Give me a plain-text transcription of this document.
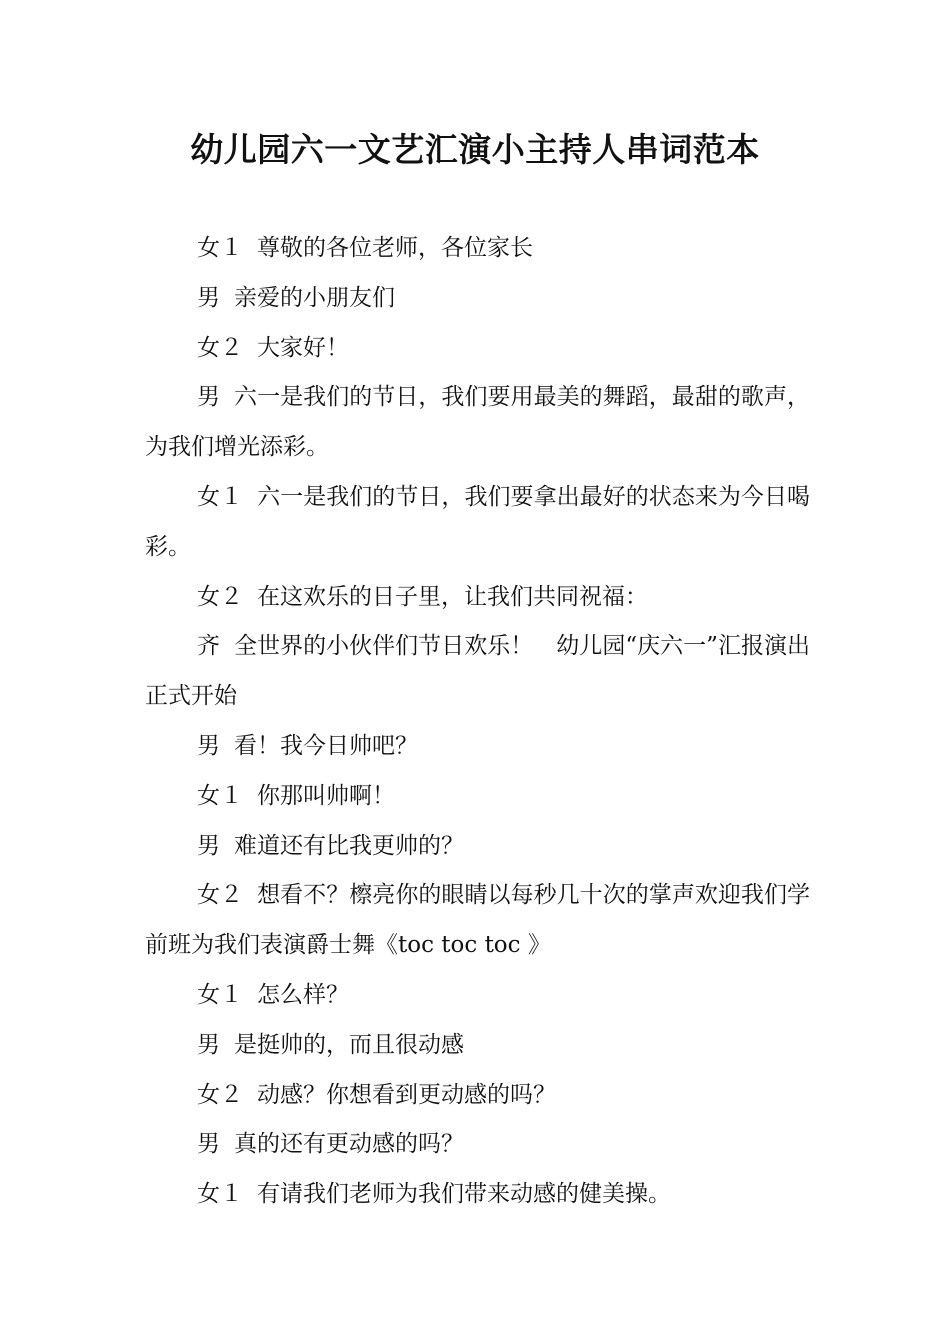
幼儿园六一文艺汇演小主持人串词范本

女１ 尊敬的各位老师，各位家长

男 亲爱的小朋友们

女２ 大家好！

男 六一是我们的节日，我们要用最美的舞蹈，最甜的歌声，为我们增光添彩。

女１ 六一是我们的节日，我们要拿出最好的状态来为今日喝彩。

女２ 在这欢乐的日子里，让我们共同祝福：

齐 全世界的小伙伴们节日欢乐！　幼儿园“庆六一”汇报演出 正式开始

男 看！我今日帅吧？

女１ 你那叫帅啊！

男 难道还有比我更帅的？

女２ 想看不？檫亮你的眼睛以每秒几十次的掌声欢迎我们学前班为我们表演爵士舞《toc toc toc 》

女１ 怎么样？

男 是挺帅的，而且很动感

女２ 动感？你想看到更动感的吗？

男 真的还有更动感的吗？

女１ 有请我们老师为我们带来动感的健美操。
